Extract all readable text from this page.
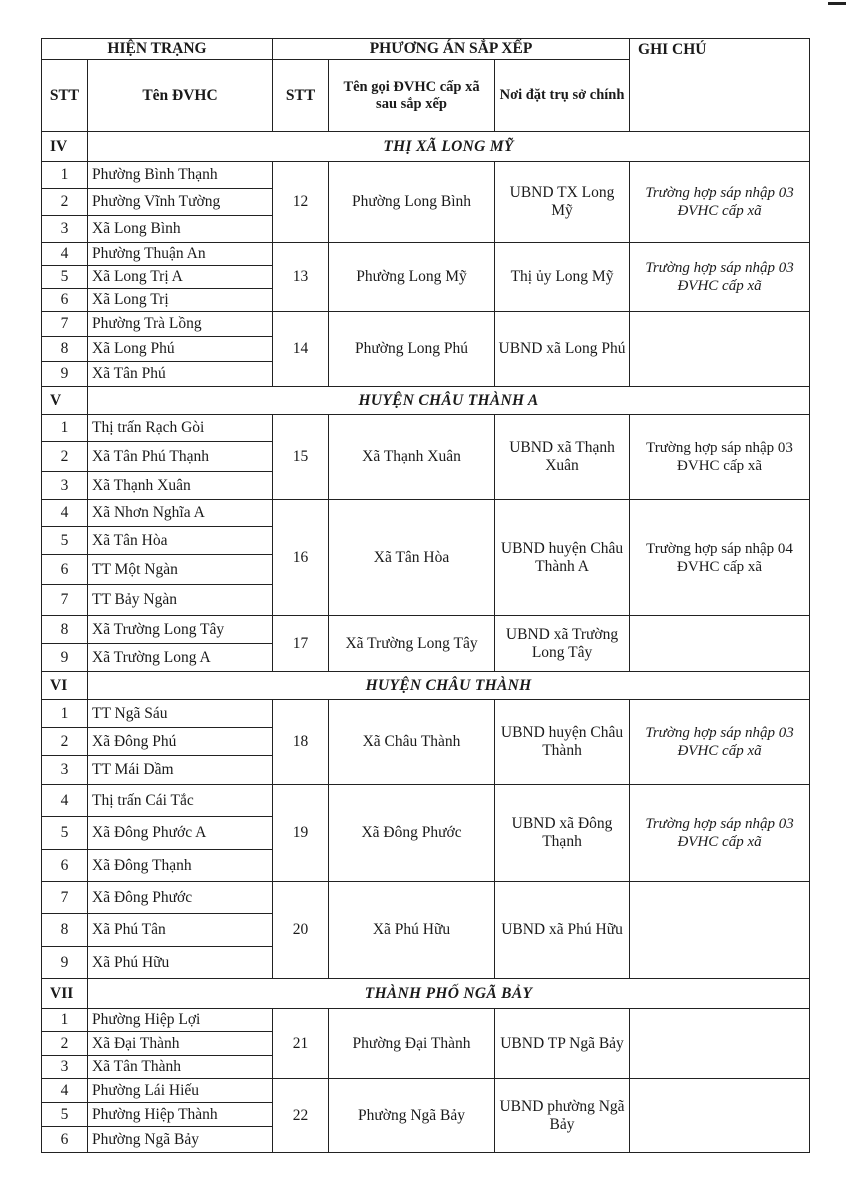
HIỆN TRẠNG		PHƯƠNG ÁN SẮP XẾP			GHI CHÚ
STT	Tên ĐVHC	STT	Tên gọi ĐVHC cấp xã sau sắp xếp	Nơi đặt trụ sở chính	
IV	THỊ XÃ LONG MỸ				
1	Phường Bình Thạnh	12	Phường Long Bình	UBND TX Long Mỹ	Trường hợp sáp nhập 03 ĐVHC cấp xã
2	Phường Vĩnh Tường				
3	Xã Long Bình				
4	Phường Thuận An	13	Phường Long Mỹ	Thị ủy Long Mỹ	Trường hợp sáp nhập 03 ĐVHC cấp xã
5	Xã Long Trị A				
6	Xã Long Trị				
7	Phường Trà Lồng	14	Phường Long Phú	UBND xã Long Phú	
8	Xã Long Phú				
9	Xã Tân Phú				
V	HUYỆN CHÂU THÀNH A				
1	Thị trấn Rạch Gòi	15	Xã Thạnh Xuân	UBND xã Thạnh Xuân	Trường hợp sáp nhập 03 ĐVHC cấp xã
2	Xã Tân Phú Thạnh				
3	Xã Thạnh Xuân				
4	Xã Nhơn Nghĩa A	16	Xã Tân Hòa	UBND huyện Châu Thành A	Trường hợp sáp nhập 04 ĐVHC cấp xã
5	Xã Tân Hòa				
6	TT Một Ngàn				
7	TT Bảy Ngàn				
8	Xã Trường Long Tây	17	Xã Trường Long Tây	UBND xã Trường Long Tây	
9	Xã Trường Long A				
VI	HUYỆN CHÂU THÀNH				
1	TT Ngã Sáu	18	Xã Châu Thành	UBND huyện Châu Thành	Trường hợp sáp nhập 03 ĐVHC cấp xã
2	Xã Đông Phú				
3	TT Mái Dầm				
4	Thị trấn Cái Tắc	19	Xã Đông Phước	UBND xã Đông Thạnh	Trường hợp sáp nhập 03 ĐVHC cấp xã
5	Xã Đông Phước A				
6	Xã Đông Thạnh				
7	Xã Đông Phước	20	Xã Phú Hữu	UBND xã Phú Hữu	
8	Xã Phú Tân				
9	Xã Phú Hữu				
VII	THÀNH PHỐ NGÃ BẢY				
1	Phường Hiệp Lợi	21	Phường Đại Thành	UBND TP Ngã Bảy	
2	Xã Đại Thành				
3	Xã Tân Thành				
4	Phường Lái Hiếu	22	Phường Ngã Bảy	UBND phường Ngã Bảy	
5	Phường Hiệp Thành				
6	Phường Ngã Bảy				
